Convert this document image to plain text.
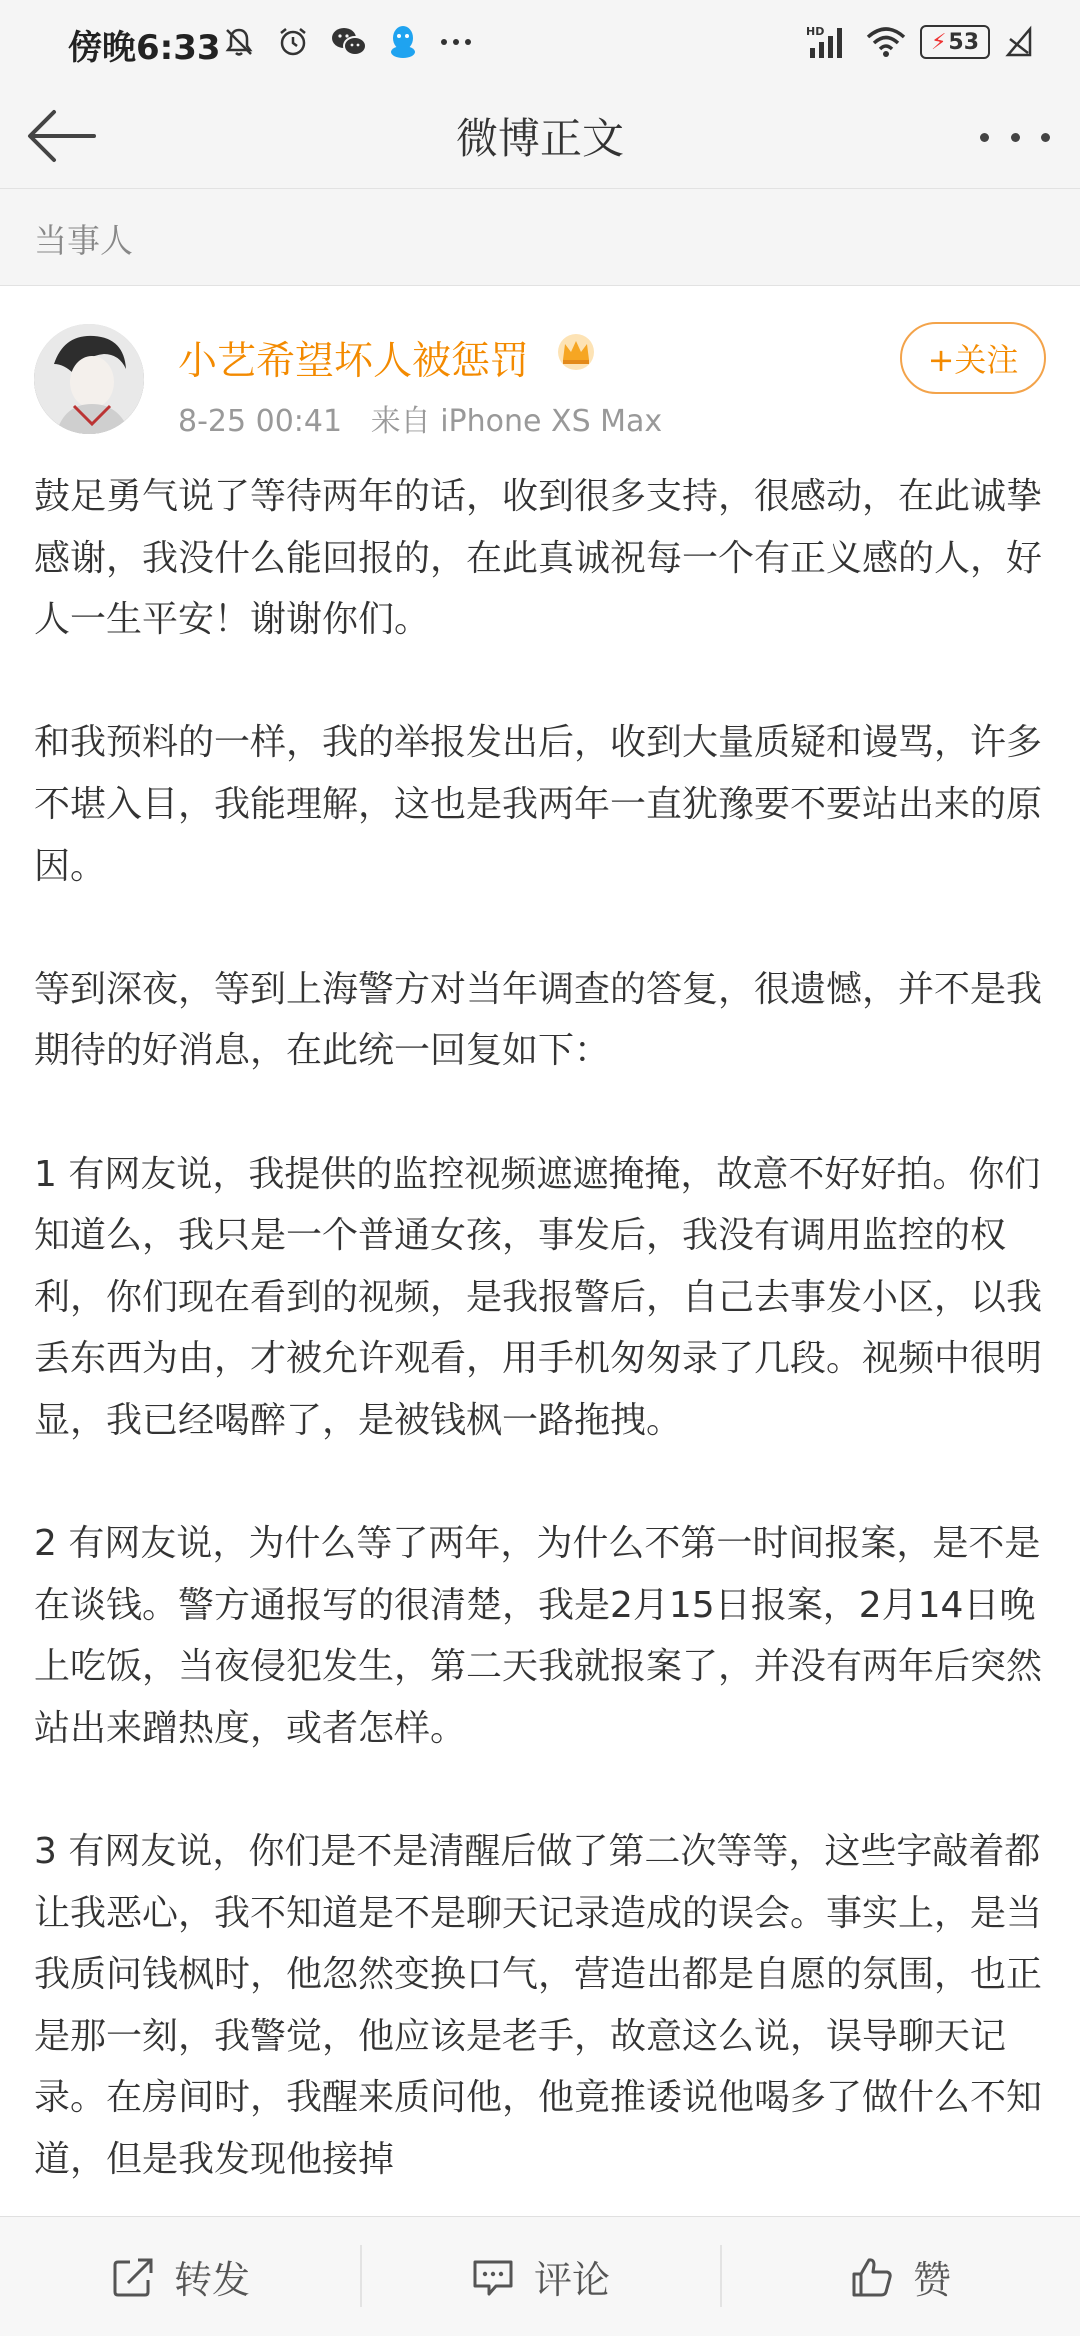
傍晚6:33	HD	⚡ 53
微博正文
当事人
小艺希望坏人被惩罚
8-25 00:41 来自 iPhone XS Max
+关注

鼓足勇气说了等待两年的话，收到很多支持，很感动，在此诚挚感谢，我没什么能回报的，在此真诚祝每一个有正义感的人，好人一生平安！谢谢你们。

和我预料的一样，我的举报发出后，收到大量质疑和谩骂，许多不堪入目，我能理解，这也是我两年一直犹豫要不要站出来的原因。

等到深夜，等到上海警方对当年调查的答复，很遗憾，并不是我期待的好消息，在此统一回复如下：

1 有网友说，我提供的监控视频遮遮掩掩，故意不好好拍。你们知道么，我只是一个普通女孩，事发后，我没有调用监控的权利，你们现在看到的视频，是我报警后，自己去事发小区，以我丢东西为由，才被允许观看，用手机匆匆录了几段。视频中很明显，我已经喝醉了，是被钱枫一路拖拽。

2 有网友说，为什么等了两年，为什么不第一时间报案，是不是在谈钱。警方通报写的很清楚，我是2月15日报案，2月14日晚上吃饭，当夜侵犯发生，第二天我就报案了，并没有两年后突然站出来蹭热度，或者怎样。

3 有网友说，你们是不是清醒后做了第二次等等，这些字敲着都让我恶心，我不知道是不是聊天记录造成的误会。事实上，是当我质问钱枫时，他忽然变换口气，营造出都是自愿的氛围，也正是那一刻，我警觉，他应该是老手，故意这么说，误导聊天记录。在房间时，我醒来质问他，他竟推诿说他喝多了做什么不知道，但是我发现他接掉

转发	评论	赞
